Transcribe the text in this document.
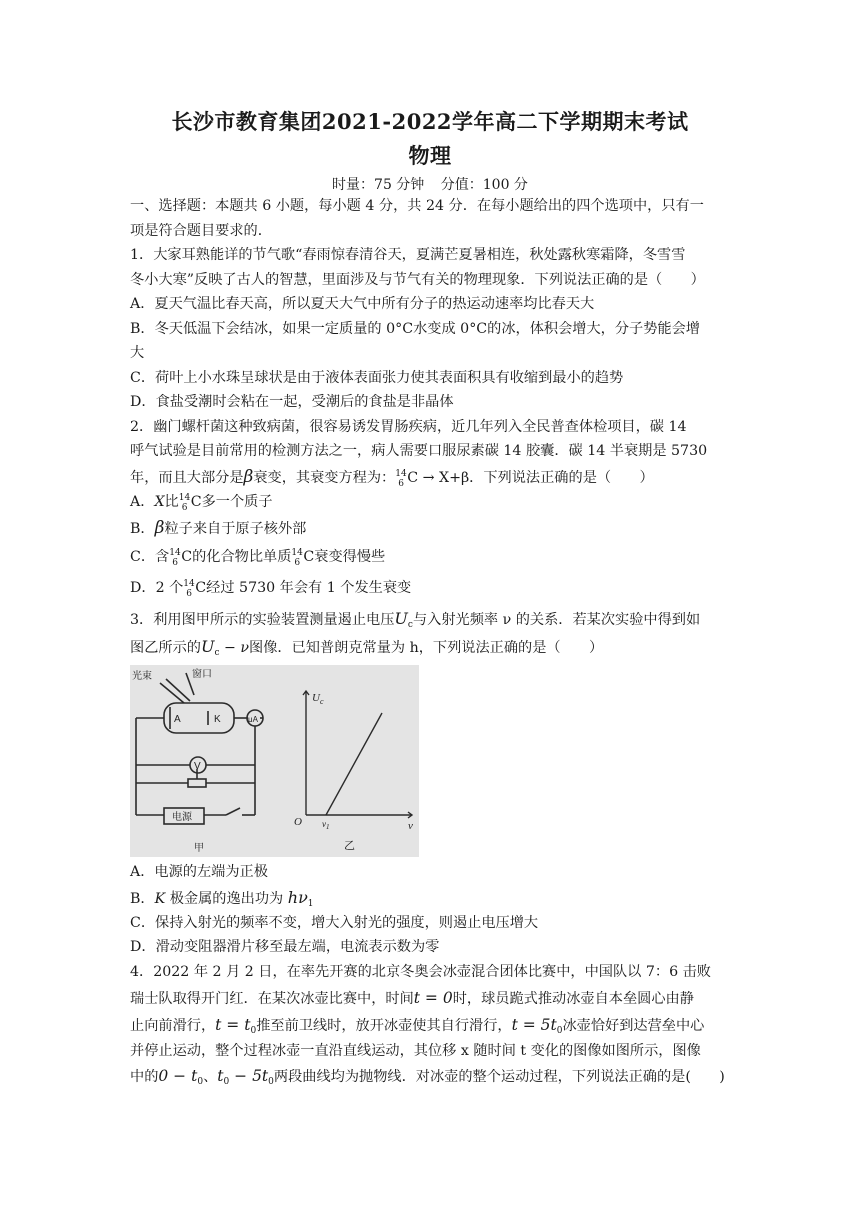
长沙市教育集团2021-2022学年高二下学期期末考试
物理
时量：75 分钟 分值：100 分
一、选择题：本题共 6 小题，每小题 4 分，共 24 分．在每小题给出的四个选项中，只有一
项是符合题目要求的．
1．大家耳熟能详的节气歌“春雨惊春清谷天，夏满芒夏暑相连，秋处露秋寒霜降，冬雪雪
冬小大寒”反映了古人的智慧，里面涉及与节气有关的物理现象．下列说法正确的是（　　）
A．夏天气温比春天高，所以夏天大气中所有分子的热运动速率均比春天大
B．冬天低温下会结冰，如果一定质量的 0°C水变成 0°C的冰，体积会增大，分子势能会增
大
C．荷叶上小水珠呈球状是由于液体表面张力使其表面积具有收缩到最小的趋势
D．食盐受潮时会粘在一起，受潮后的食盐是非晶体
2．幽门螺杆菌这种致病菌，很容易诱发胃肠疾病，近几年列入全民普查体检项目，碳 14
呼气试验是目前常用的检测方法之一，病人需要口服尿素碳 14 胶囊．碳 14 半衰期是 5730
年，而且大部分是β衰变，其衰变方程为： 14
6 C → X+β．下列说法正确的是（　　）
A．X比 14
6 C多一个质子
B．β粒子来自于原子核外部
C．含 14
6 C的化合物比单质 14
6 C衰变得慢些
D．2 个 14
6 C经过 5730 年会有 1 个发生衰变
3．利用图甲所示的实验装置测量遏止电压$U_c$与入射光频率 ν 的关系．若某次实验中得到如
图乙所示的$U_c - \nu$图像．已知普朗克常量为 h，下列说法正确的是（　　）
光束	窗口
A	K	μA
V
电源
甲
$U_c$
ν
O $\nu_1$
乙
A．电源的左端为正极
B．K 极金属的逸出功为 $h\nu_1$
C．保持入射光的频率不变，增大入射光的强度，则遏止电压增大
D．滑动变阻器滑片移至最左端，电流表示数为零
4．2022 年 2 月 2 日，在率先开赛的北京冬奥会冰壶混合团体比赛中，中国队以 7：6 击败
瑞士队取得开门红．在某次冰壶比赛中，时间t = 0时，球员跪式推动冰壶自本垒圆心由静
止向前滑行，$t = t_0$推至前卫线时，放开冰壶使其自行滑行，$t = 5t_0$冰壶恰好到达营垒中心
并停止运动，整个过程冰壶一直沿直线运动，其位移 x 随时间 t 变化的图像如图所示，图像
中的$0 - t_0$、$t_0 - 5t_0$两段曲线均为抛物线．对冰壶的整个运动过程，下列说法正确的是(　　)
